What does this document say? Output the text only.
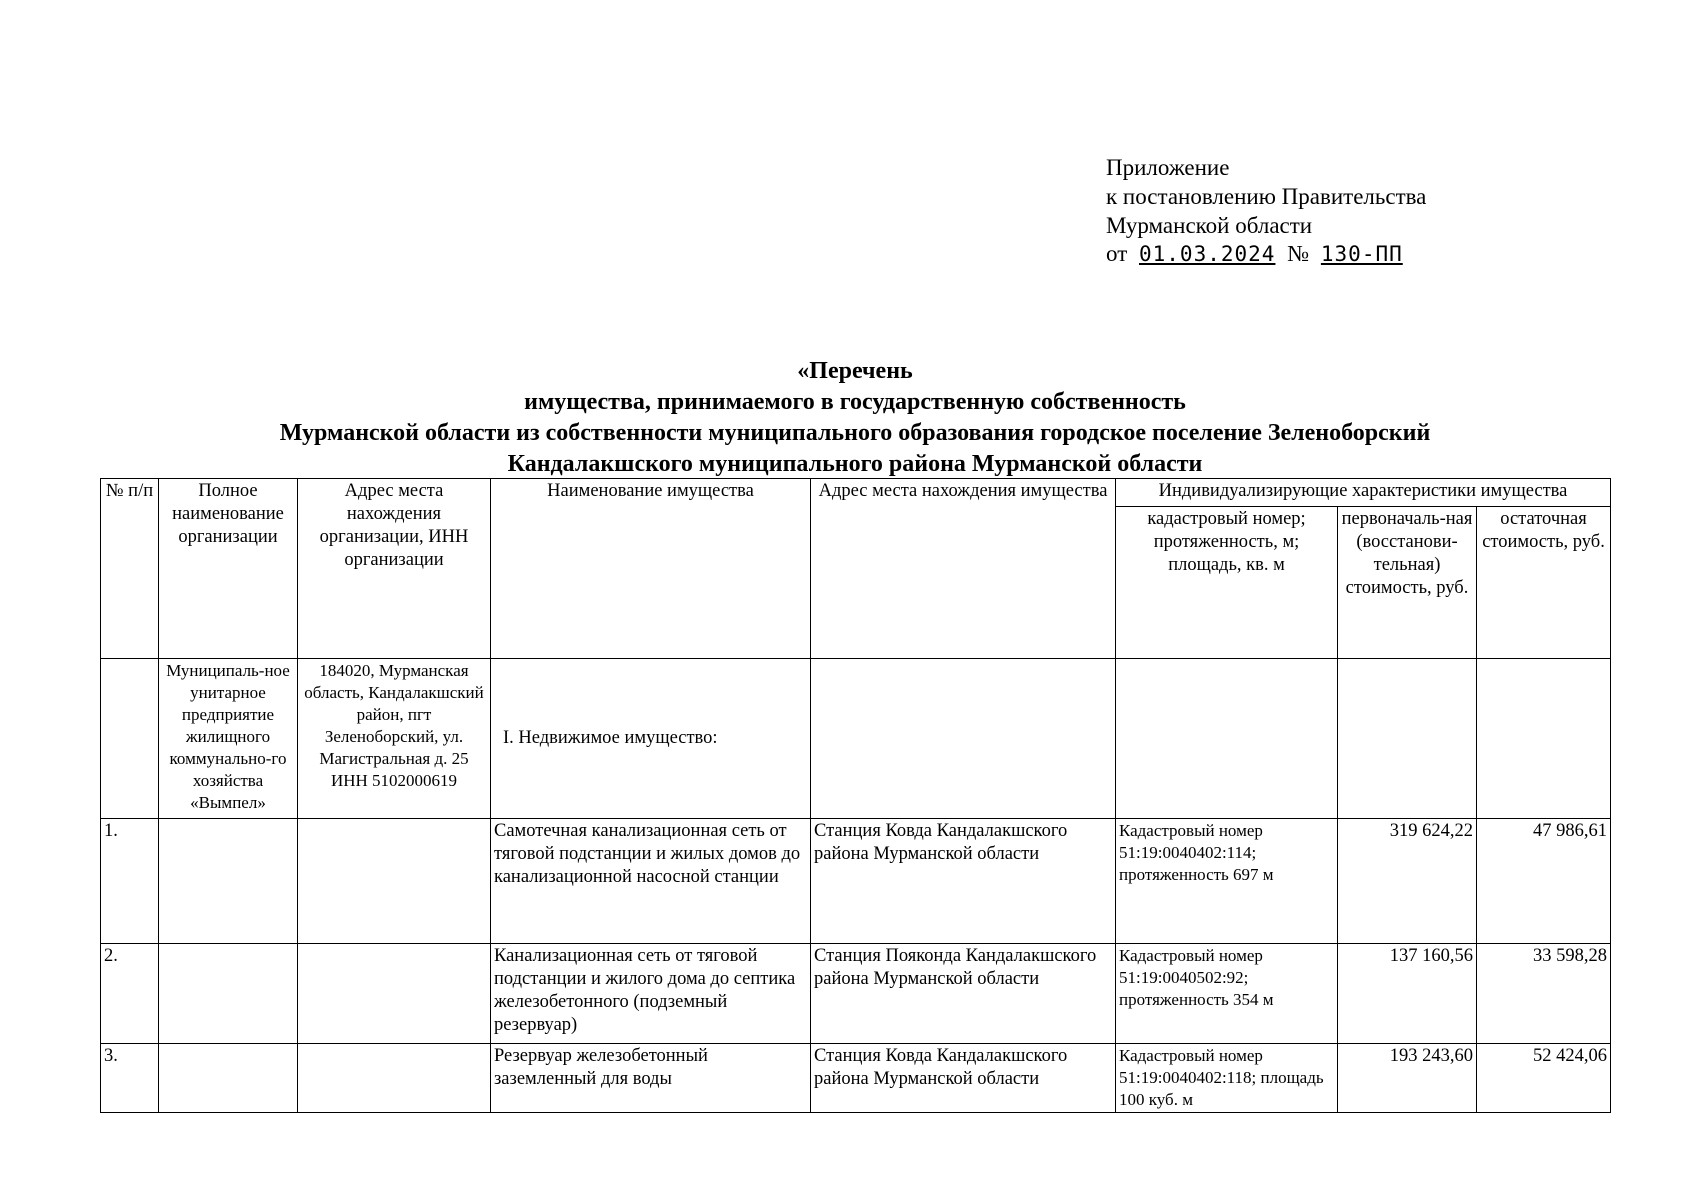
Приложение
к постановлению Правительства
Мурманской области
от 01.03.2024 № 130-ПП
«Перечень
имущества, принимаемого в государственную собственность
Мурманской области из собственности муниципального образования городское поселение Зеленоборский
Кандалакшского муниципального района Мурманской области
№ п/п	Полное наименование организации	Адрес места нахождения организации, ИНН организации	Наименование имущества	Адрес места нахождения имущества	Индивидуализирующие характеристики имущества		
					кадастровый номер; протяженность, м; площадь, кв. м	первоначаль-ная (восстанови-тельная) стоимость, руб.	остаточная стоимость, руб.
	Муниципаль-ное унитарное предприятие жилищного коммунально-го хозяйства «Вымпел»	184020, Мурманская область, Кандалакшский район, пгт Зеленоборский, ул. Магистральная д. 25 ИНН 5102000619	I. Недвижимое имущество:				
1.			Самотечная канализационная сеть от тяговой подстанции и жилых домов до канализационной насосной станции	Станция Ковда Кандалакшского района Мурманской области	Кадастровый номер 51:19:0040402:114; протяженность 697 м	319 624,22	47 986,61
2.			Канализационная сеть от тяговой подстанции и жилого дома до септика железобетонного (подземный резервуар)	Станция Пояконда Кандалакшского района Мурманской области	Кадастровый номер 51:19:0040502:92; протяженность 354 м	137 160,56	33 598,28
3.			Резервуар железобетонный заземленный для воды	Станция Ковда Кандалакшского района Мурманской области	Кадастровый номер 51:19:0040402:118; площадь 100 куб. м	193 243,60	52 424,06
